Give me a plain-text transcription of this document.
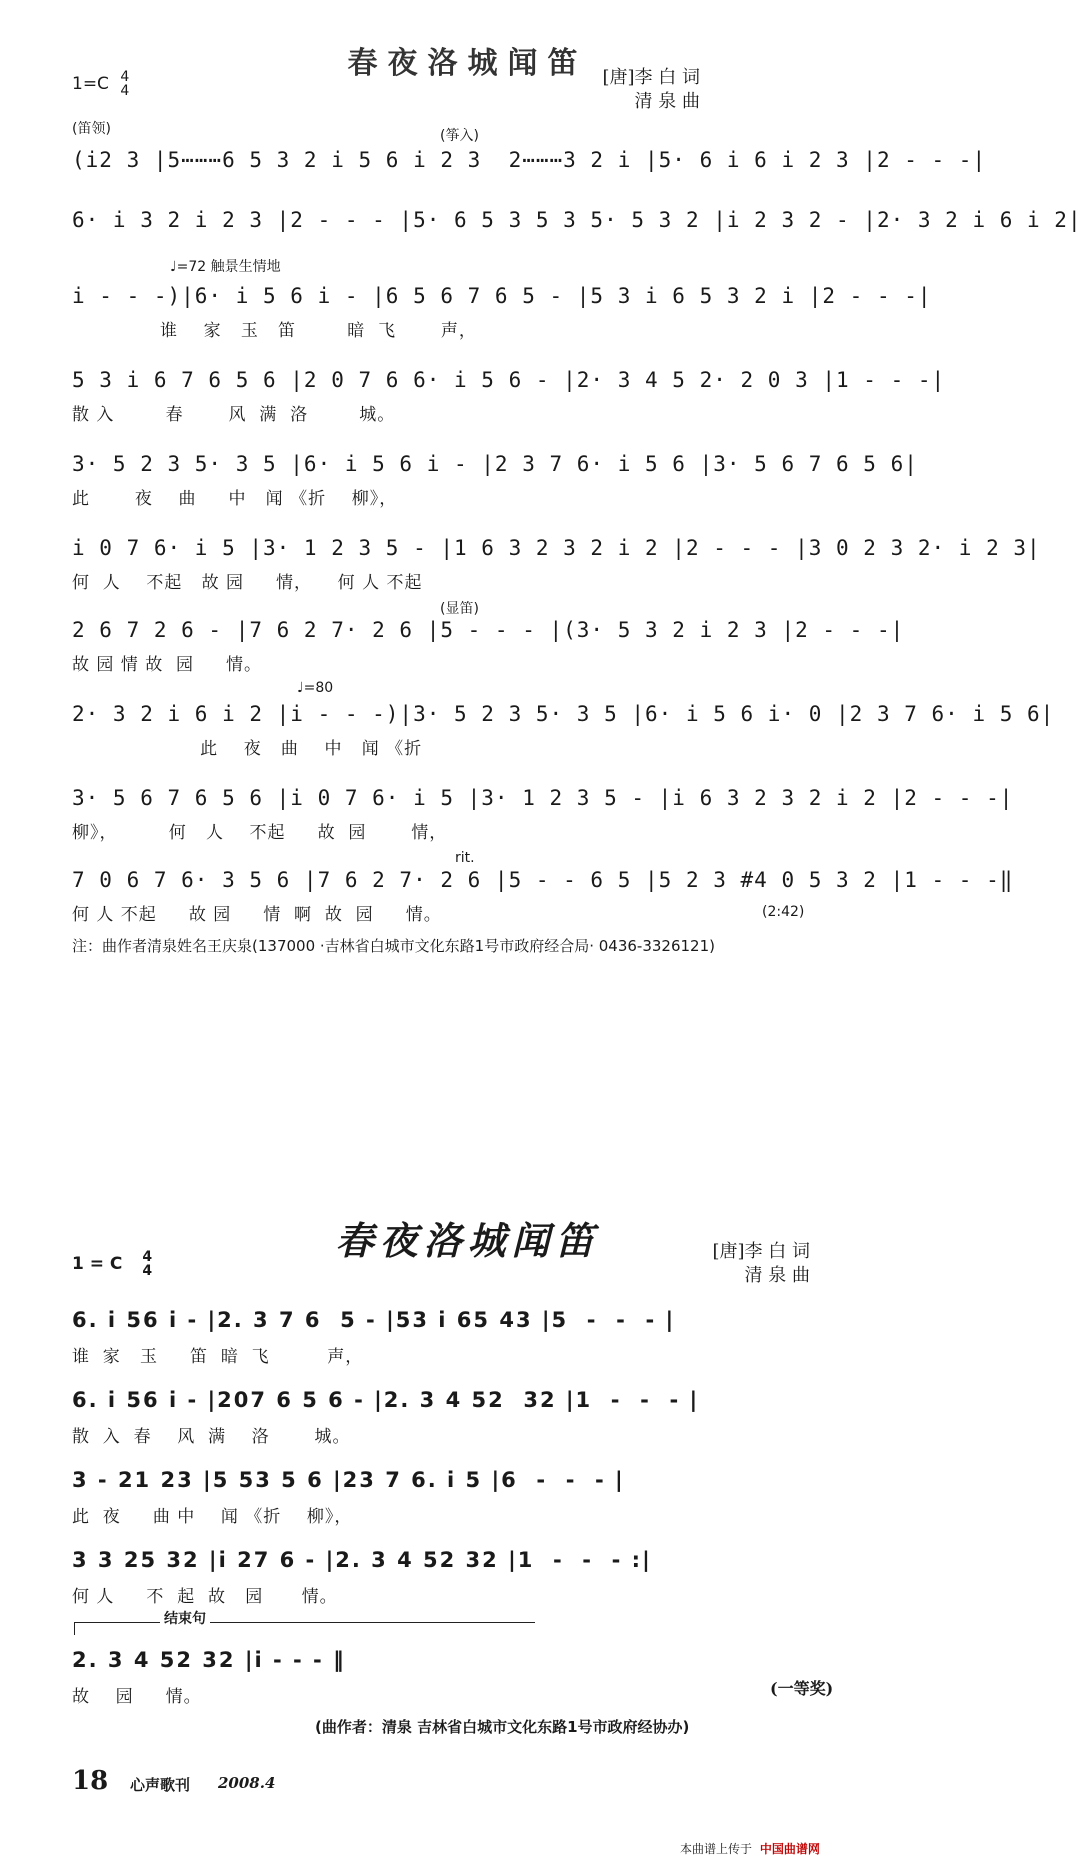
春夜洛城闻笛
1=C 4
4
[唐]李 白 词
清 泉 曲
(笛领)	(筝入)
♩=72 触景生情地
(显笛)
♩=80
rit.
(i2 3 |5⋯⋯⋯6 5 3 2 i 5 6 i 2 3  2⋯⋯⋯3 2 i |5· 6 i 6 i 2 3 |2 - - -|
6· i 3 2 i 2 3 |2 - - - |5· 6 5 3 5 3 5· 5 3 2 |i 2 3 2 - |2· 3 2 i 6 i 2|
i - - -)|6· i 5 6 i - |6 5 6 7 6 5 - |5 3 i 6 5 3 2 i |2 - - -|
谁    家   玉   笛        暗  飞       声，
5 3 i 6 7 6 5 6 |2 0 7 6 6· i 5 6 - |2· 3 4 5 2· 2 0 3 |1 - - -|
散 入        春       风  满  洛        城。
3· 5 2 3 5· 3 5 |6· i 5 6 i - |2 3 7 6· i 5 6 |3· 5 6 7 6 5 6|
此       夜    曲     中   闻 《折    柳》，
i 0 7 6· i 5 |3· 1 2 3 5 - |1 6 3 2 3 2 i 2 |2 - - - |3 0 2 3 2· i 2 3|
何  人    不起   故 园     情，    何 人 不起
2 6 7 2 6 - |7 6 2 7· 2 6 |5 - - - |(3· 5 3 2 i 2 3 |2 - - -|
故 园 情 故  园     情。
2· 3 2 i 6 i 2 |i - - -)|3· 5 2 3 5· 3 5 |6· i 5 6 i· 0 |2 3 7 6· i 5 6|
此    夜   曲    中   闻 《折
3· 5 6 7 6 5 6 |i 0 7 6· i 5 |3· 1 2 3 5 - |i 6 3 2 3 2 i 2 |2 - - -|
柳》，        何   人    不起     故  园       情，
7 0 6 7 6· 3 5 6 |7 6 2 7· 2 6 |5 - - 6 5 |5 2 3 #4 0 5 3 2 |1 - - -‖
何 人 不起     故 园     情  啊  故  园     情。	(2:42)
注：曲作者清泉姓名王庆泉(137000 ·吉林省白城市文化东路1号市政府经合局· 0436-3326121)
春夜洛城闻笛
1 = C 4
4
[唐]李 白 词
清 泉 曲
6. i 56 i - |2. 3 7 6  5 - |53 i 65 43 |5  -  -  - |
谁  家   玉     笛  暗  飞         声，
6. i 56 i - |207 6 5 6 - |2. 3 4 52  32 |1  -  -  - |
散  入  春    风  满    洛       城。
3 - 21 23 |5 53 5 6 |23 7 6. i 5 |6  -  -  - |
此  夜     曲 中    闻 《折    柳》，
3 3 25 32 |i 27 6 - |2. 3 4 52 32 |1  -  -  - :|
何 人     不  起  故   园      情。
结束句
2. 3 4 52 32 |i - - - ‖
故    园     情。	(一等奖)
(曲作者：清泉 吉林省白城市文化东路1号市政府经协办)
18 心声歌刊 2008.4
本曲谱上传于 中国曲谱网
